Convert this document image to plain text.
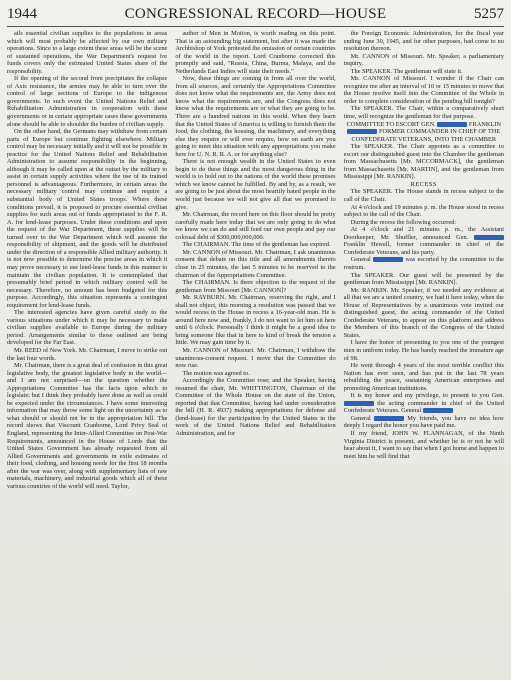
1944	CONGRESSIONAL RECORD—HOUSE	5257

ails essential civilian supplies to the populations in areas which will most probably be affected by our own military operations. Since to a large extent these areas will be the scene of sustained operations, the War Department's request for funds covers only the estimated United States share of the responsibility.

If the opening of the second front precipitates the collapse of Axis resistance, the armies may be able to turn over the control of large sections of Europe to the indigenous governments. In such event the United Nations Relief and Rehabilitation Administration in cooperation with these governments or in certain appropriate cases these governments alone should be able to shoulder the burden of civilian supply.

On the other hand, the Germans may withdraw from certain parts of Europe but continue fighting elsewhere. Military control may be necessary initially and it will not be possible in practice for the United Nations Relief and Rehabilitation Administration to assume responsibility in the beginning, although it may be called upon at the outset by the military to assist in certain supply activities where the use of its trained personnel is advantageous. Furthermore, in certain areas the necessary military control may continue and require a substantial body of United States troops. Where these conditions prevail, it is proposed to procure essential civilian supplies for such areas out of funds appropriated to the F. R. A. for lend-lease purposes. Under these conditions and upon the request of the War Department, these supplies will be turned over to the War Department which will assume the responsibility of shipment, and the goods will be distributed under the direction of a responsible Allied military authority. It is not now possible to determine the precise areas in which it may prove necessary to use lend-lease funds in this manner to maintain the civilian population. It is contemplated that presumably brief period in which military control will be necessary. Therefore, no amount has been budgeted for this purpose. Accordingly, this situation represents a contingent requirement for lend-lease funds.

The interested agencies have given careful study to the various situations under which it may be necessary to make civilian supplies available to Europe during the military period. Arrangements similar to those outlined are being developed for the Far East.

Mr. REED of New York. Mr. Chairman, I move to strike out the last four words.

Mr. Chairman, there is a great deal of confusion in this great legislative body, the greatest legislative body in the world—and I am not surprised—on the question whether the Appropriations Committee has the facts upon which to legislate; but I think they probably have done as well as could be expected under the circumstances. I have some interesting information that may throw some light on the uncertainty as to what should or should not be in the appropriation bill. The record shows that Viscount Cranborne, Lord Privy Seal of England, representing the Inter-Allied Committee on Post-War Requirements, announced in the House of Lords that the United States Government has already requested from all Allied Governments and governments in exile estimates of their food, clothing, and housing needs for the first 18 months after the war was over, along with supplementary lists of raw materials, machinery, and industrial goods which all of these various countries of the world will need. Taylor,

author of Men in Motion, is worth reading on this point. That is an astounding big statement, but after it was made the Archbishop of York protested the omission of certain countries of the world in the report. Lord Cranborne corrected this promptly and said, "Russia, China, Burma, Malaya, and the Netherlands East Indies will state their needs."

Now, these things are coming in from all over the world, from all sources, and certainly the Appropriations Committee does not know what the requirements are, the Army does not know what the requirements are, and the Congress does not know what the requirements are or what they are going to be. There are a hundred nations in this world. When they learn that the United States of America is willing to furnish them the food, the clothing, the housing, the machinery, and everything else they require or will ever require, how on earth are you going to meet this situation with any appropriations you make here for U. N. R. R. A. or for anything else?

There is not enough wealth in the United States to even begin to do these things and the most dangerous thing in the world is to hold out to the nations of the world these promises which we know cannot be fulfilled. By and by, as a result, we are going to be just about the most heartily hated people in the world just because we will not give all that we promised to give.

Mr. Chairman, the record here on this floor should be pretty carefully made here today that we are only going to do what we know we can do and still feed our own people and pay our colossal debt of $300,000,000,000.

The CHAIRMAN. The time of the gentleman has expired.

Mr. CANNON of Missouri. Mr. Chairman, I ask unanimous consent that debate on this title and all amendments thereto close in 25 minutes, the last 5 minutes to be reserved to the chairman of the Appropriations Committee.

The CHAIRMAN. Is there objection to the request of the gentleman from Missouri [Mr. CANNON]?

Mr. RAYBURN. Mr. Chairman, reserving the right, and I shall not object, this morning a resolution was passed that we would recess in the House in recess a 16-year-old man. He is around here now and, frankly, I do not want to let him sit here until 6 o'clock. Personally I think it might be a good idea to bring someone like that in here to kind of break the tension a little. We may gain time by it.

Mr. CANNON of Missouri. Mr. Chairman, I withdraw the unanimous-consent request. I move that the Committee do now rise.

The motion was agreed to.

Accordingly the Committee rose; and the Speaker, having resumed the chair, Mr. WHITTINGTON, Chairman of the Committee of the Whole House on the state of the Union, reported that that Committee, having had under consideration the bill (H. R. 4937) making appropriations for defense aid (lend-lease) for the participation by the United States in the work of the United Nations Relief and Rehabilitation Administration, and for

the Foreign Economic Administration, for the fiscal year ending June 30, 1945, and for other purposes, had come to no resolution thereon.

Mr. CANNON of Missouri. Mr. Speaker, a parliamentary inquiry.

The SPEAKER. The gentleman will state it.

Mr. CANNON of Missouri. I wonder if the Chair can recognize me after an interval of 10 or 15 minutes to move that the House resolve itself into the Committee of the Whole in order to complete consideration of the pending bill tonight?

The SPEAKER. The Chair, within a comparatively short time, will recognize the gentleman for that purpose.

COMMITTEE TO ESCORT GEN.	FRANKLIN  FORMER COMMANDER IN CHIEF OF THE CONFEDERATE VETERANS, INTO THE CHAMBER

The SPEAKER. The Chair appoints as a committee to escort our distinguished guest into the Chamber the gentleman from Massachusetts [Mr. MCCORMACK], the gentleman from Massachusetts [Mr. MARTIN], and the gentleman from Mississippi [Mr. RANKIN].

RECESS

The SPEAKER. The House stands in recess subject to the call of the Chair.

At 4 o'clock and 19 minutes p. m. the House stood in recess subject to the call of the Chair.

During the recess the following occurred:

At 4 o'clock and 21 minutes p. m., the Assistant Doorkeeper, Mr. Shuffler, announced Gen.  Franklin Hewell, former commander in chief of the Confederate Veterans, and his party.

General	was escorted by the committee to the rostrum.

The SPEAKER. Our guest will be presented by the gentleman from Mississippi [Mr. RANKIN].

Mr. RANKIN. Mr. Speaker, if we needed any evidence at all that we are a united country, we had it here today, when the House of Representatives by a unanimous vote invited our distinguished guest, the acting commander of the United Confederate Veterans, to appear on this platform and address the Members of this branch of the Congress of the United States.

I have the honor of presenting to you one of the youngest men in uniform today. He has barely reached the immature age of 98.

He went through 4 years of the most terrible conflict this Nation has ever seen, and has put in the last 78 years rebuilding the peace, sustaining American enterprises and promoting American institutions.

It is my honor and my privilege, to present to you Gen.  the acting commander in chief of the United Confederate Veterans. General

General	My friends, you have no idea how deeply I regard the honor you have paid me.

If my friend, JOHN W. FLANNAGAN, of the Ninth Virginia District is present, and whether he is or not he will hear about it, I want to say that when I got home and happen to meet him he will find that
